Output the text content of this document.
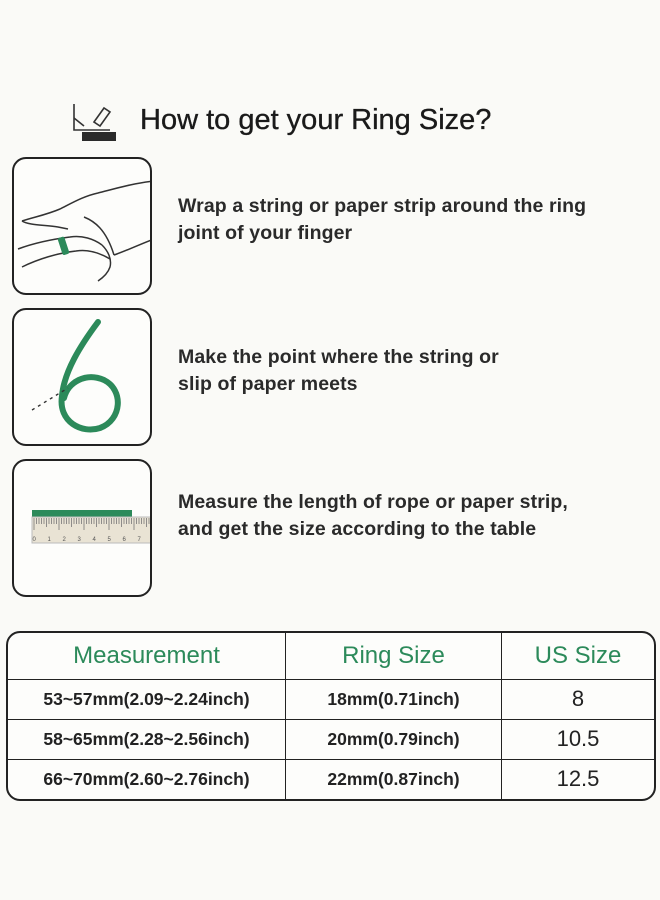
How to get your Ring Size?
Wrap a string or paper strip around the ring
joint of your finger
Make the point where the string or
slip of paper meets
0 1 2 3 4 5 6 7
Measure the length of rope or paper strip,
and get the size according to the table
Measurement	Ring Size	US Size
53~57mm(2.09~2.24inch)	18mm(0.71inch)	8
58~65mm(2.28~2.56inch)	20mm(0.79inch)	10.5
66~70mm(2.60~2.76inch)	22mm(0.87inch)	12.5
